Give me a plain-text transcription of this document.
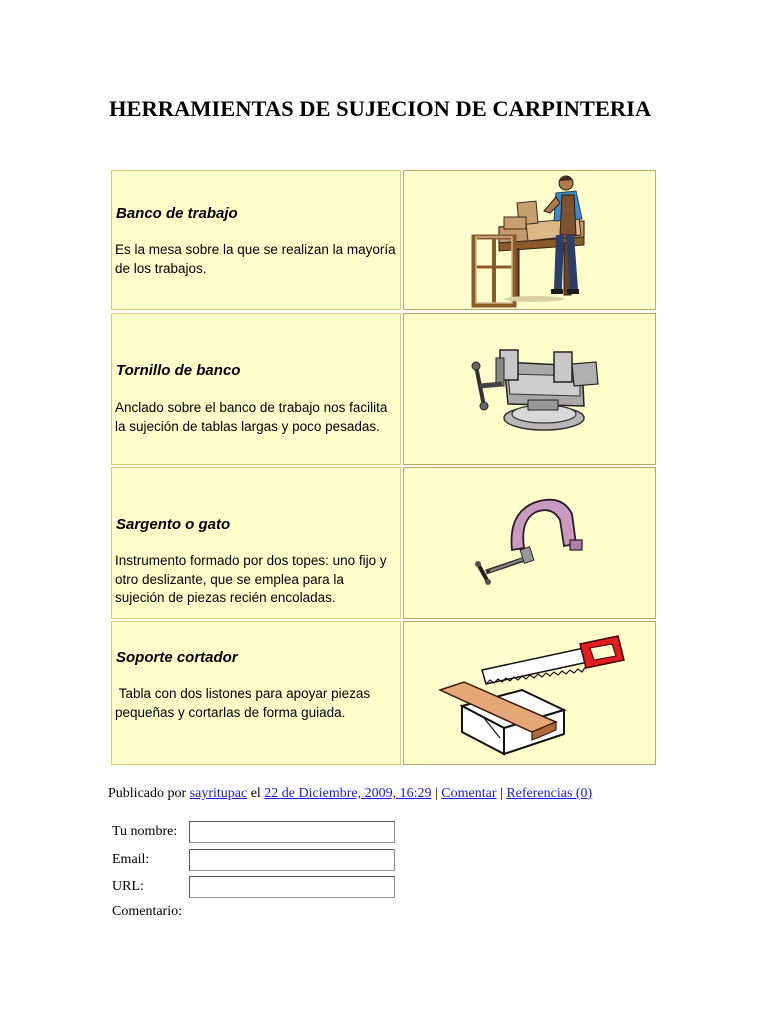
HERRAMIENTAS DE SUJECION DE CARPINTERIA
Banco de trabajo
Es la mesa sobre la que se realizan la mayoría de los trabajos.
Tornillo de banco
Anclado sobre el banco de trabajo nos facilita la sujeción de tablas largas y poco pesadas.
Sargento o gato
Instrumento formado por dos topes: uno fijo y otro deslizante, que se emplea para la sujeción de piezas recién encoladas.
Soporte cortador
Tabla con dos listones para apoyar piezas pequeñas y cortarlas de forma guiada.
Publicado por sayritupac el 22 de Diciembre, 2009, 16:29 | Comentar | Referencias (0)
Tu nombre:
Email:
URL:
Comentario:
